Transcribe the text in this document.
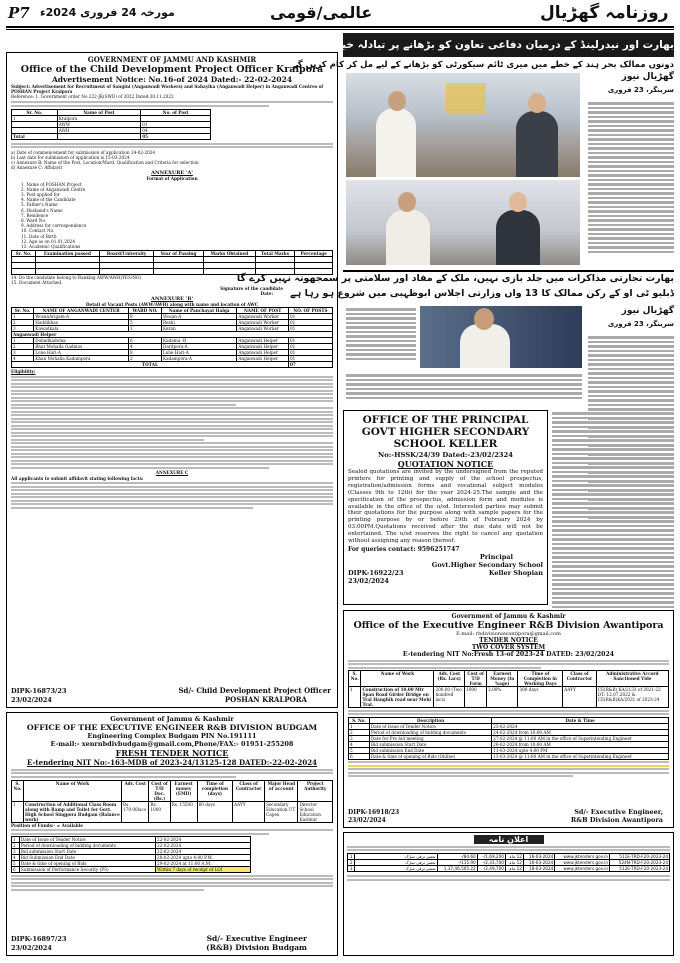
P7 مورخہ 24 فروری 2024ء	عالمی/قومی	روزنامہ گھڑیال
GOVERNMENT OF JAMMU AND KASHMIR
Office of the Child Development Project Officer Kralpora
Advertisement Notice: No.16-of 2024 Dated:- 22-02-2024
Subject: Advertisement for Recruitment of Sangini (Anganwadi Workers) and Sahayika (Anganwadi Helper) in Anganwadi Centres of POSHAN Project Kralpora
Reference: 1. Government order No 222-JK(SWD) of 2022 Dated:30.11.2022
Sr. No.	Name of Post	No. of Post
1	Kralpora	
	AWW	01
	AWH	04
Total		05
a) Date of commencement for submission of application 24-02-2024
b) Last date for submission of application is 15-03-2024
c) Annexure B: Name of the Post, Location/Ward, Qualification and Criteria for selection
d) Annexure C: Affidavit
ANNEXURE 'A'
Format of Application
1. Name of POSHAN Project
2. Name of Anganwadi Centre
3. Post applied for
4. Name of the Candidate
5. Father's Name
6. Husband's Name
7. Residence
8. Ward No.
9. Address for correspondence
10. Contact No.
11. Date of Birth
12. Age as on 01.01.2024
13. Academic Qualifications
Sr. No.	Examination passed	Board/University	Year of Passing	Marks Obtained	Total Marks	Percentage

14. Do the candidate belong to Ranking AWW/AWH(YES/NO)
15. Document Attached.
Signature of the candidate
Date:
ANNEXURE 'B'
Detail of Vacant Posts (AWW/AWH) along with name and location of AWC
Sr. No.	NAME OF ANGANWADI CENTER	WARD NO.	Name of Panchayat Halqa	NAME OF POST	NO. OF POSTS
1	WosanArigam-A	9	Wosan-A	Anganwadi Worker	01
2	Haddikhas	5	Reshi	Anganwadi Worker	01
3	Kawadkala	1	Keran	Anganwadi Worker	01
Anganwadi Helper					
1	Dobadkadoma	6	Kadama -B	Anganwadi Helper	01
2	Bhat Mohalla Gadmas	4	Dardpora-A	Anganwadi Helper	01
3	Lone Hari-A	8	Lone Hari-A	Anganwadi Helper	01
4	Khan Mohalla Kadampora	2	Kadampora-A	Anganwadi Helper	01
TOTAL					07
Eligibility:
ANNEXURE C
All applicants to submit affidavit stating following facts:
DIPK-16873/23
23/02/2024
Sd/- Child Development Project Officer
POSHAN KRALPORA
Government of Jammu & Kashmir
OFFICE OF THE EXECUTIVE ENGINEER R&B DIVISION BUDGAM
Engineering Complex Budgam PIN No.191111
E-mail:- xenrnbdivbudgam@gmail.com,Phone/FAX:- 01951-255208
FRESH TENDER NOTICE
E-tendering NIT No:-163-MDB of 2023-24/13125-128 DATED:-22-02-2024
S. No.	Name of Work	Adv. Cost	Cost of T/D Doc. (Rs.)	Earnest money (EMD)	Time of completion (days)	Class of Contractor	Major Head of account	Project Authority
1	Construction of Additional Class Room along with Ramp and Toilet for Govt. High School Singpora Budgam (Balance work)	Rs. 179.00lacs	Rs. 1000	Rs. 15500	60 days	AAYY	Secondary Education UT Capex	Director School Education Kashmir
Position of Funds:- = Available
1	Date of Issue of Tender Notice	22-02-2024
2	Period of downloading of bidding documents	22-02-2024
3	Bid submission Start Date	22-02-2024
4	Bid Submission End Date	28-02-2024 upto 4:00 P.M.
5	Date & time of opening of Bids	29-02-2024 at 11:00 A.M.
6	Submission of Performance Security (PS)	Within 7 days of receipt of LOI
DIPK-16897/23
23/02/2024
Sd/- Executive Engineer
(R&B) Division Budgam
بھارت اور نیدرلینڈ کے درمیان دفاعی تعاون کو بڑھانے پر تبادلہ خیال کیا
دونوں ممالک بحر ہند کے خطے میں میری ٹائم سیکورٹی کو بڑھانے کے لیے مل کر کام کریں گے
گھڑیال نیوز
سرینگر، 23 فروری
بھارت تجارتی مذاکرات میں جلد بازی نہیں، ملک کے مفاد اور سلامتی پر سمجھوتہ نہیں کرے گا
ڈبلیو ٹی او کے رکن ممالک کا 13 واں وزارتی اجلاس ابوظہبی میں شروع ہو رہا ہے
گھڑیال نیوز
سرینگر، 23 فروری
OFFICE OF THE PRINCIPAL GOVT HIGHER SECONDARY SCHOOL KELLER
No:-HSSK/24/39 Dated:-23/02/2324
QUOTATION NOTICE
Sealed quotations are invited by the undersigned from the reputed printers for printing and supply of the school prospectus, registration/admission forms and vocational subject modules (Classes 9th to 12th) for the year 2024-25.The sample and the specification of the prospectus, admission form and modules is available in the office of the u/sd. Interested parties may submit their quotations for the purpose along with sample papers for the printing purpose by or before 29th of February 2024 by 03:00PM.Quotations received after the due date will not be entertained. The u/sd reserves the right to cancel any quotation without assigning any reason thereof.
For queries contact: 9596251747
Principal
Govt.Higher Secondary School
DIPK-16922/23	Keller Shopian
23/02/2024
Government of Jammu & Kashmir
Office of the Executive Engineer R&B Division Awantipora
E-mail: rbdivisionawantipora@gmail.com
TENDER NOTICE
TWO COVER SYSTEM
E-tendering NIT No:Fresh 13-of 2023-24 DATED: 23/02/2024
S. No.	Name of Work	Adv. Cost (Rs. Lacs)	Cost of T/D Form	Earnest Money (In %age)	Time of Completion in Working Days	Class of Contractor	Administrative Accord Sanctioned Vide
1	Construction of 10.00 Mtr Span Road Girder Bridge on Tral Hanghik road near Mehi Tral.	200.00 (Two hundred lacs)	1000	2.00%	300 days	AAYY	CE(R&B) KA/2133 of 2021-22 DT: 12.07.2022 & CE(R&B)KA/2031 of 2023-24
S. No.	Description	Date & Time
1	Date of Issue of Tender Notice	23-02-2024
2	Period of downloading of bidding documents	24-02-2024 from 10:00 AM
3	Date for Pre bid meeting	27-02-2024 @ 11:00 AM in the office of Superintending Engineer
4	Bid submission Start Date	26-02-2024 from 10:00 AM
5	Bid submission End Date	11-03-2024 upto 4:00 PM
6	Date & time of opening of Bids (Online)	13-03-2024 @ 11:00 AM in the office of Superintending Engineer
DIPK-16918/23
23/02/2024
Sd/- Executive Engineer,
R&B Division Awantipora
اعلان نامہ
511E-TRD-F20-2023-24	www.jktenders.gov.in	16-03-2024	12 ماہ	1,69,200/-	84.60/-	تعمیر ترقی سڑک	1
524N-TRD-F20-2023-24	www.jktenders.gov.in	16-03-2024	12 ماہ	2,31,700/-	115.90/-	تعمیر ترقی سڑک	2
512E-TRD-F20-2023-24	www.jktenders.gov.in	18-03-2024	12 ماہ	2,49,700/-	1,37,46,505.22	تعمیر ترقی سڑک	3
